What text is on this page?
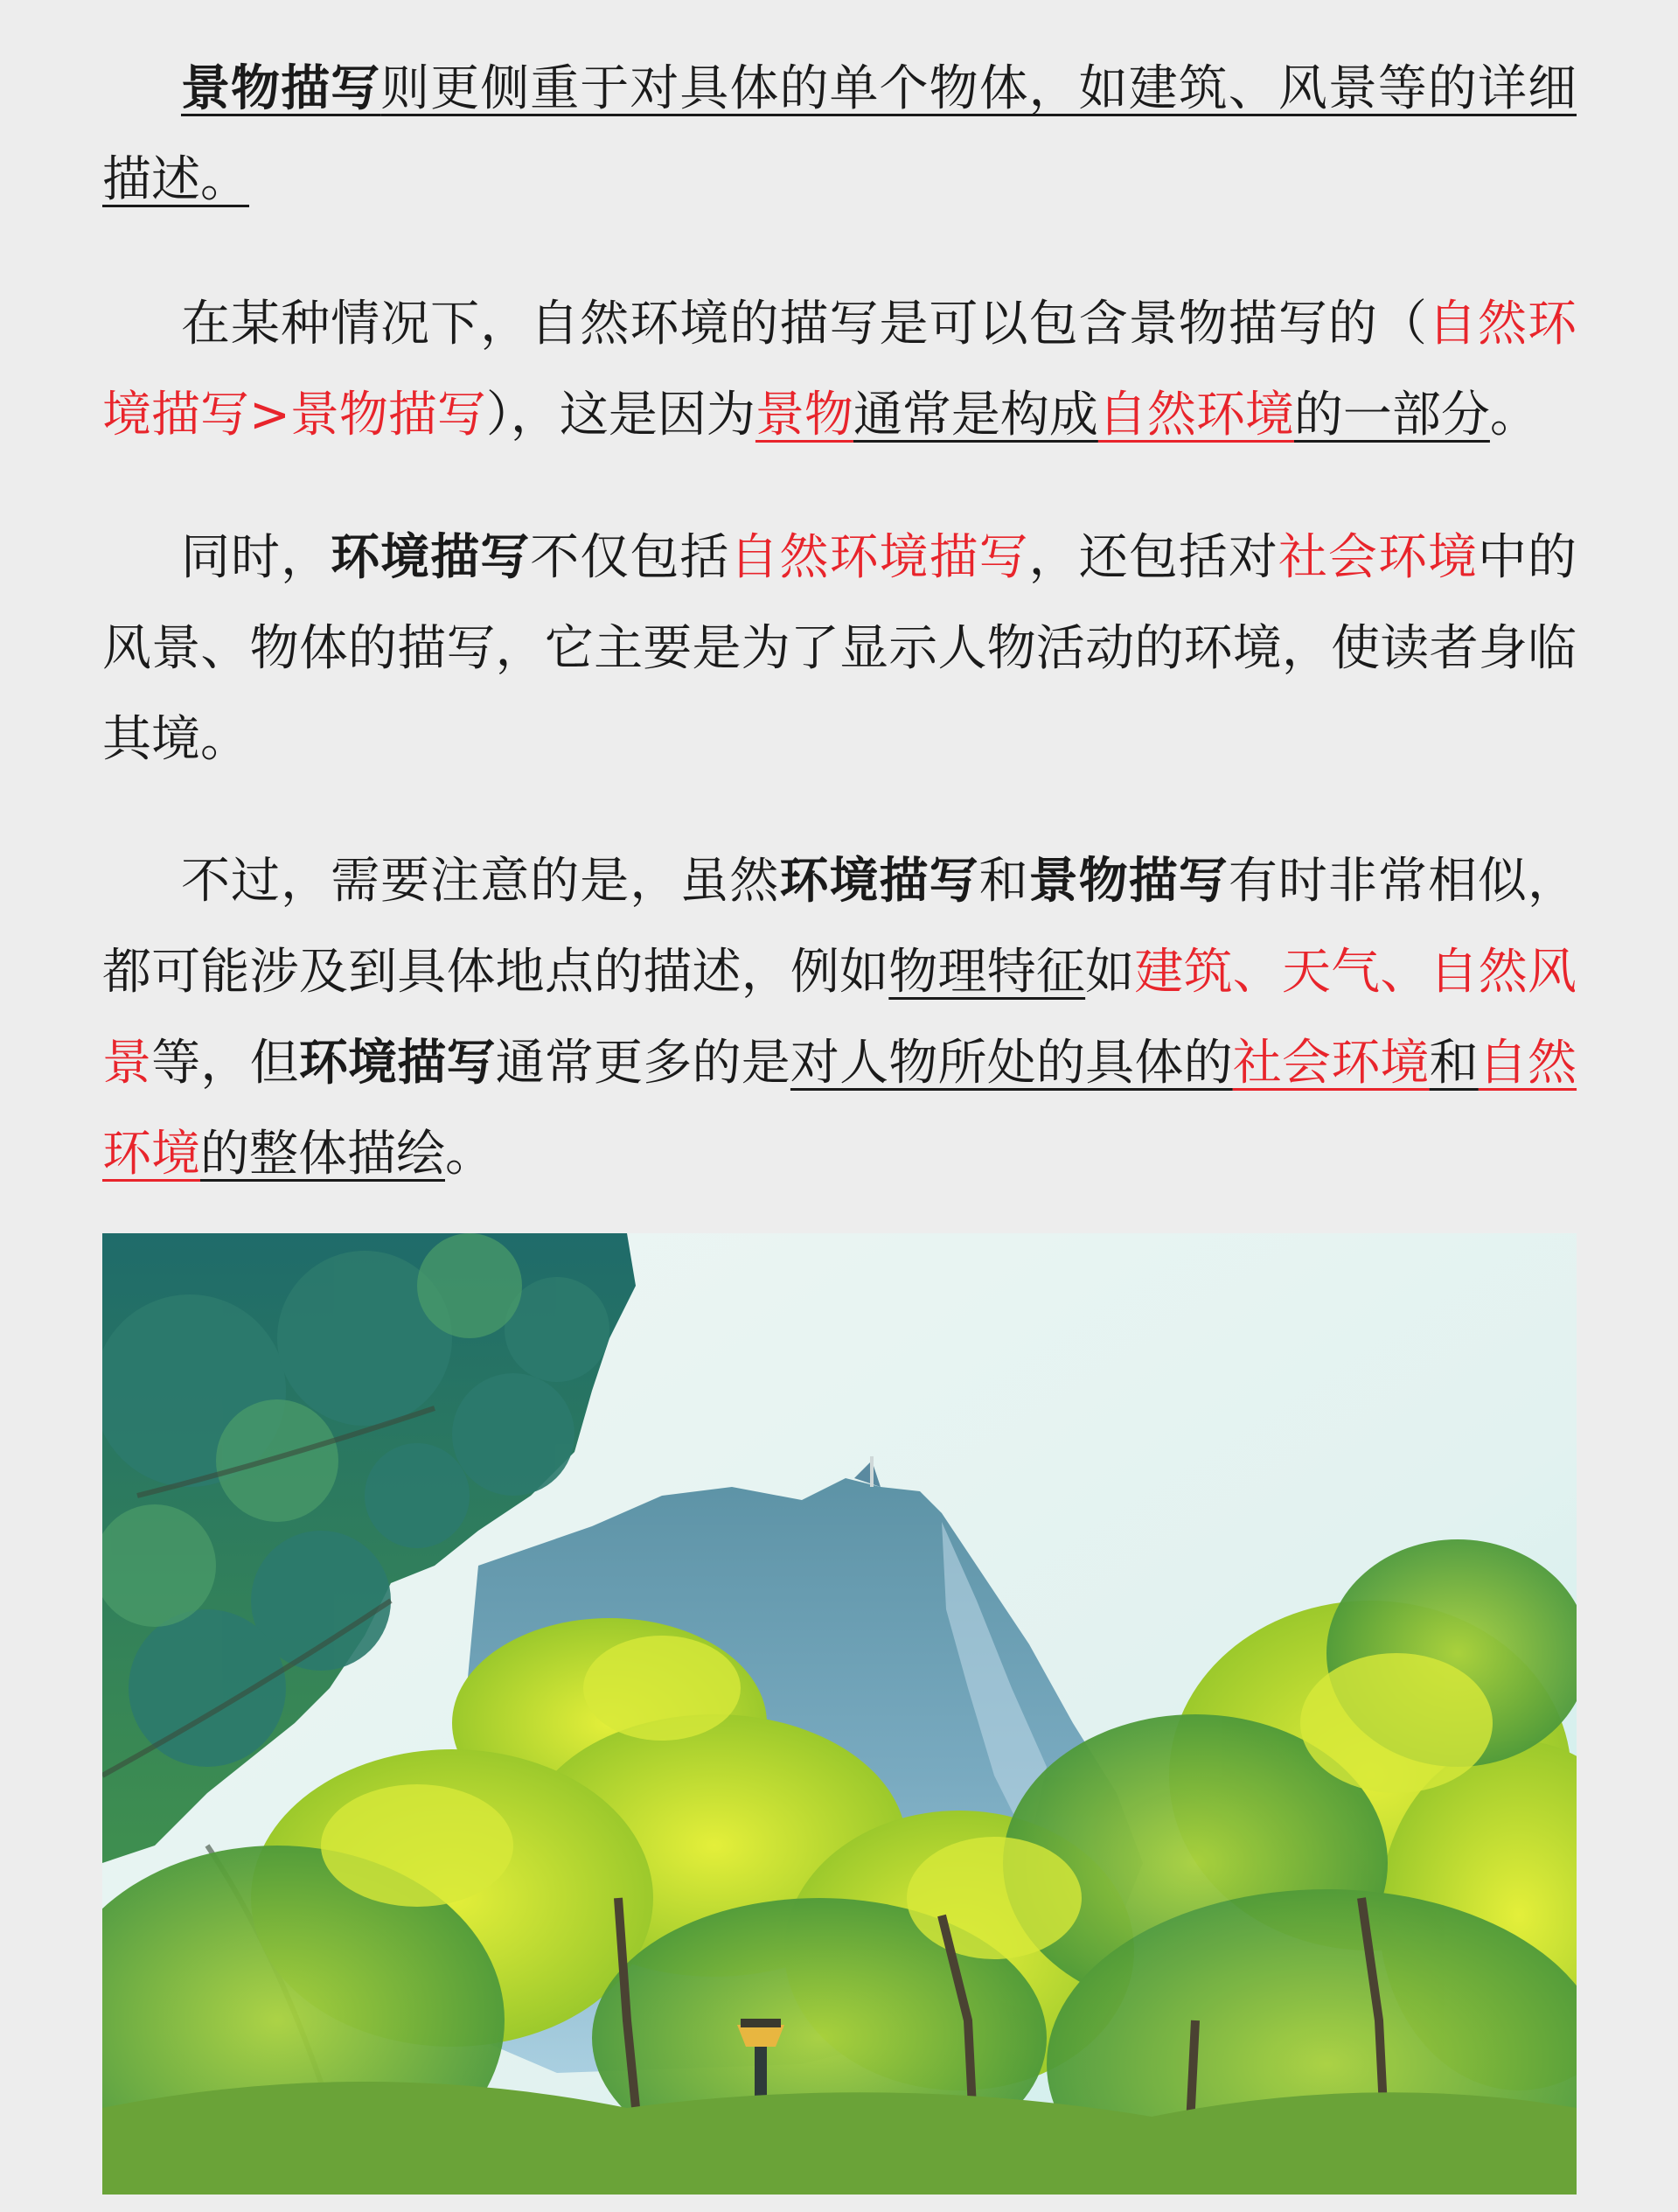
景物描写则更侧重于对具体的单个物体，如建筑、风景等的详细描述。

在某种情况下，自然环境的描写是可以包含景物描写的（自然环境描写>景物描写），这是因为景物通常是构成自然环境的一部分。

同时，环境描写不仅包括自然环境描写，还包括对社会环境中的风景、物体的描写，它主要是为了显示人物活动的环境，使读者身临其境。

不过，需要注意的是，虽然环境描写和景物描写有时非常相似，都可能涉及到具体地点的描述，例如物理特征如建筑、天气、自然风景等，但环境描写通常更多的是对人物所处的具体的社会环境和自然环境的整体描绘。
